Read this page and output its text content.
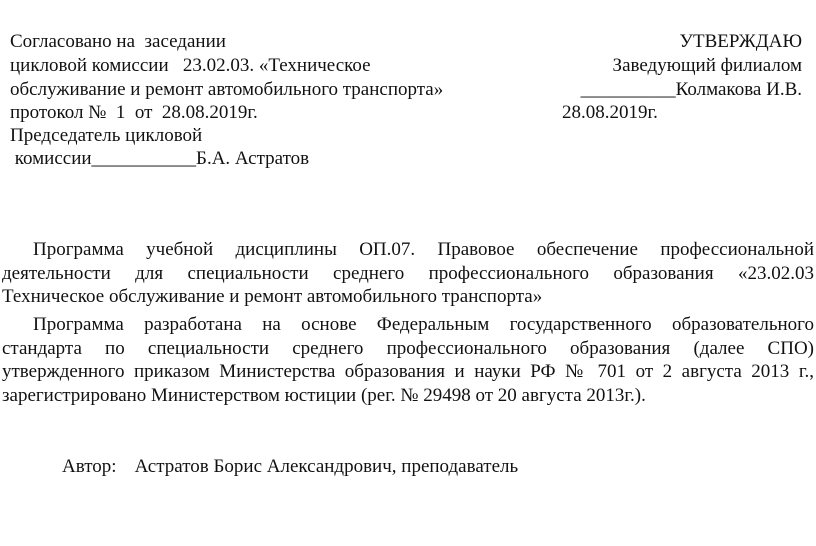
Согласовано на  заседании
цикловой комиссии   23.02.03. «Техническое
обслуживание и ремонт автомобильного транспорта»
протокол №  1  от  28.08.2019г.
Председатель цикловой
комиссии___________Б.А. Астратов
УТВЕРЖДАЮ
Заведующий филиалом
__________Колмакова И.В.
28.08.2019г.
Программа учебной дисциплины ОП.07. Правовое обеспечение профессиональной
деятельности для специальности среднего профессионального образования «23.02.03
Техническое обслуживание и ремонт автомобильного транспорта»
Программа разработана на основе Федеральным государственного образовательного
стандарта по специальности среднего профессионального образования (далее СПО)
утвержденного приказом Министерства образования и науки РФ № 701 от 2 августа 2013 г.,
зарегистрировано Министерством юстиции (рег. № 29498 от 20 августа 2013г.).
Автор: Астратов Борис Александрович, преподаватель
